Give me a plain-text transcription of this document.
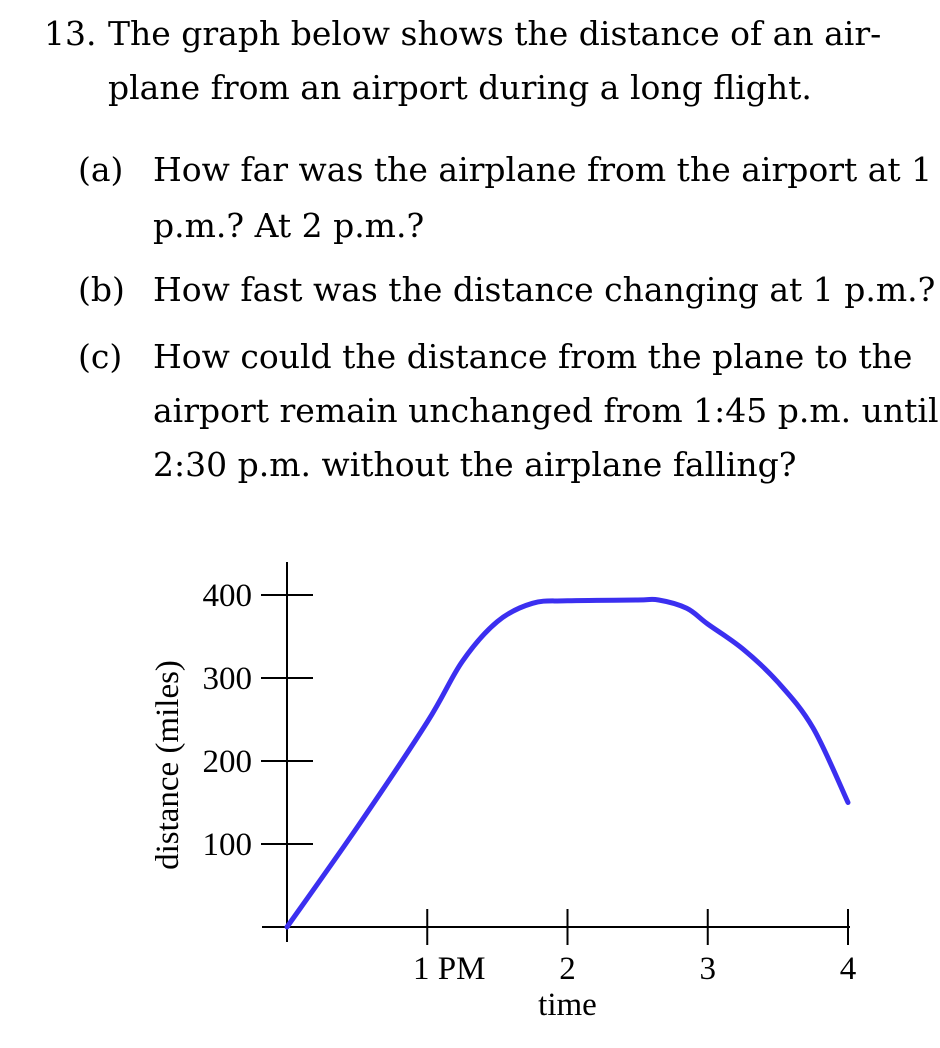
13. The graph below shows the distance of an air-
plane from an airport during a long flight.
(a) How far was the airplane from the airport at 1
p.m.? At 2 p.m.?
(b) How fast was the distance changing at 1 p.m.?
(c) How could the distance from the plane to the
airport remain unchanged from 1:45 p.m. until
2:30 p.m. without the airplane falling?
100
200
300
400
1 PM 2	3	4
time
distance (miles)
